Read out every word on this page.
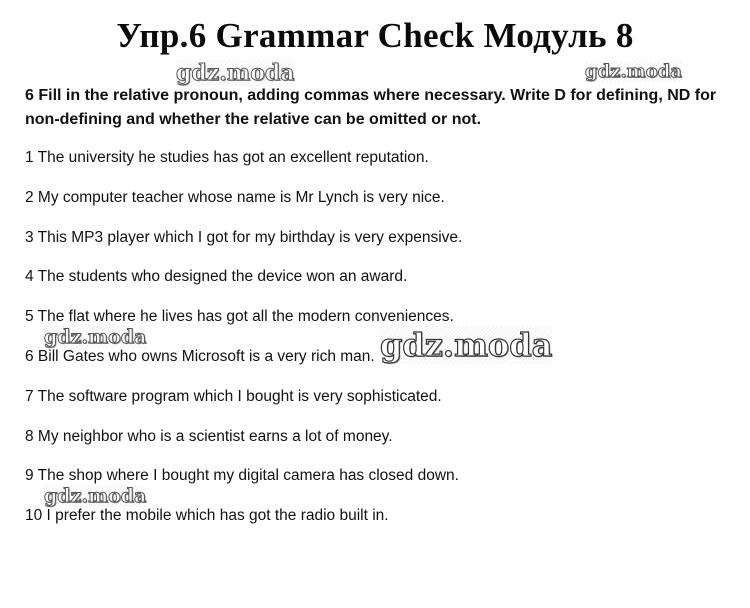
Упр.6 Grammar Check Модуль 8
gdz.moda	gdz.moda
6 Fill in the relative pronoun, adding commas where necessary. Write D for defining, ND for non-defining and whether the relative can be omitted or not.
1 The university he studies has got an excellent reputation.
2 My computer teacher whose name is Mr Lynch is very nice.
3 This MP3 player which I got for my birthday is very expensive.
4 The students who designed the device won an award.
5 The flat where he lives has got all the modern conveniences.
6 Bill Gates who owns Microsoft is a very rich man.
7 The software program which I bought is very sophisticated.
8 My neighbor who is a scientist earns a lot of money.
9 The shop where I bought my digital camera has closed down.
10 I prefer the mobile which has got the radio built in.
gdz.moda	gdz.moda
gdz.moda
